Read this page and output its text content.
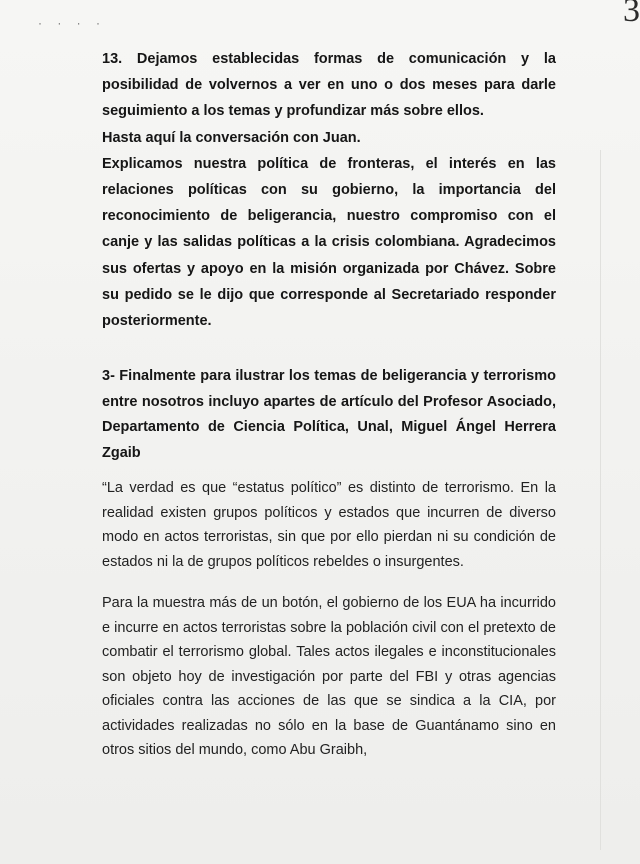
· · · ·	3

13. Dejamos establecidas formas de comunicación y la posibilidad de volvernos a ver en uno o dos meses para darle seguimiento a los temas y profundizar más sobre ellos.

Hasta aquí la conversación con Juan.

Explicamos nuestra política de fronteras, el interés en las relaciones políticas con su gobierno, la importancia del reconocimiento de beligerancia, nuestro compromiso con el canje y las salidas políticas a la crisis colombiana. Agradecimos sus ofertas y apoyo en la misión organizada por Chávez. Sobre su pedido se le dijo que corresponde al Secretariado responder posteriormente.

3- Finalmente para ilustrar los temas de beligerancia y terrorismo entre nosotros incluyo apartes de artículo del Profesor Asociado, Departamento de Ciencia Política, Unal, Miguel Ángel Herrera Zgaib

“La verdad es que “estatus político” es distinto de terrorismo. En la realidad existen grupos políticos y estados que incurren de diverso modo en actos terroristas, sin que por ello pierdan ni su condición de estados ni la de grupos políticos rebeldes o insurgentes.

Para la muestra más de un botón, el gobierno de los EUA ha incurrido e incurre en actos terroristas sobre la población civil con el pretexto de combatir el terrorismo global. Tales actos ilegales e inconstitucionales son objeto hoy de investigación por parte del FBI y otras agencias oficiales contra las acciones de las que se sindica a la CIA, por actividades realizadas no sólo en la base de Guantánamo sino en otros sitios del mundo, como Abu Graibh,
